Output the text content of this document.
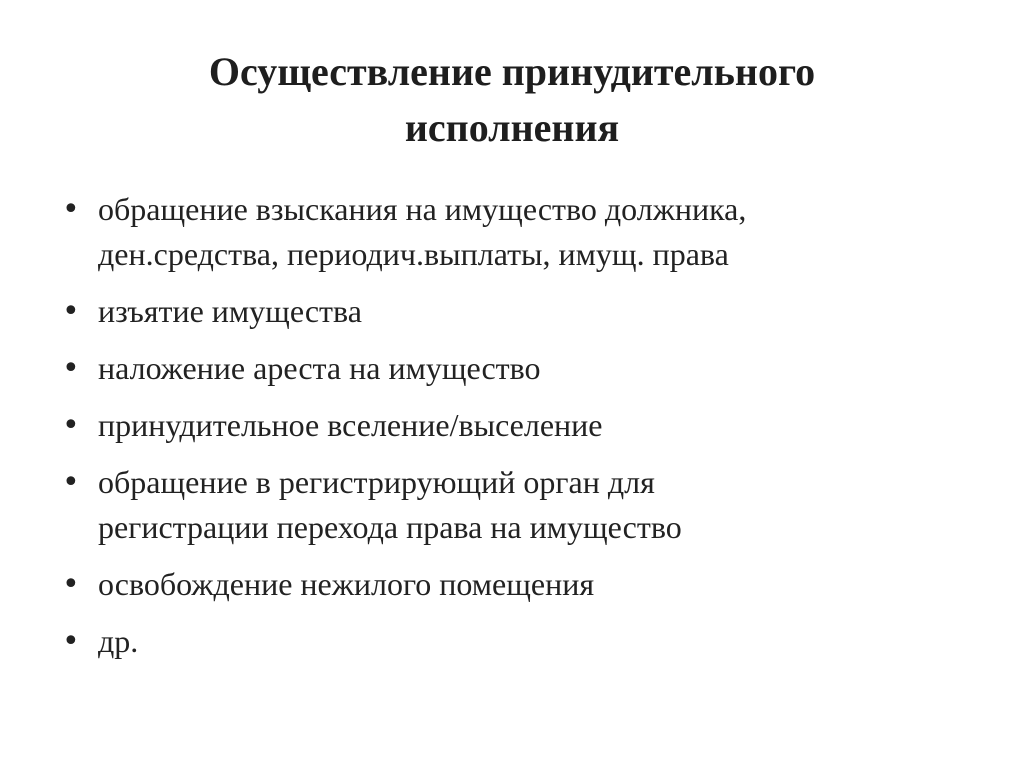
Осуществление принудительного
исполнения
• обращение взыскания на имущество должника,
ден.средства, периодич.выплаты, имущ. права
• изъятие имущества
• наложение ареста на имущество
• принудительное вселение/выселение
• обращение в регистрирующий орган для
регистрации перехода права на имущество
• освобождение нежилого помещения
• др.
